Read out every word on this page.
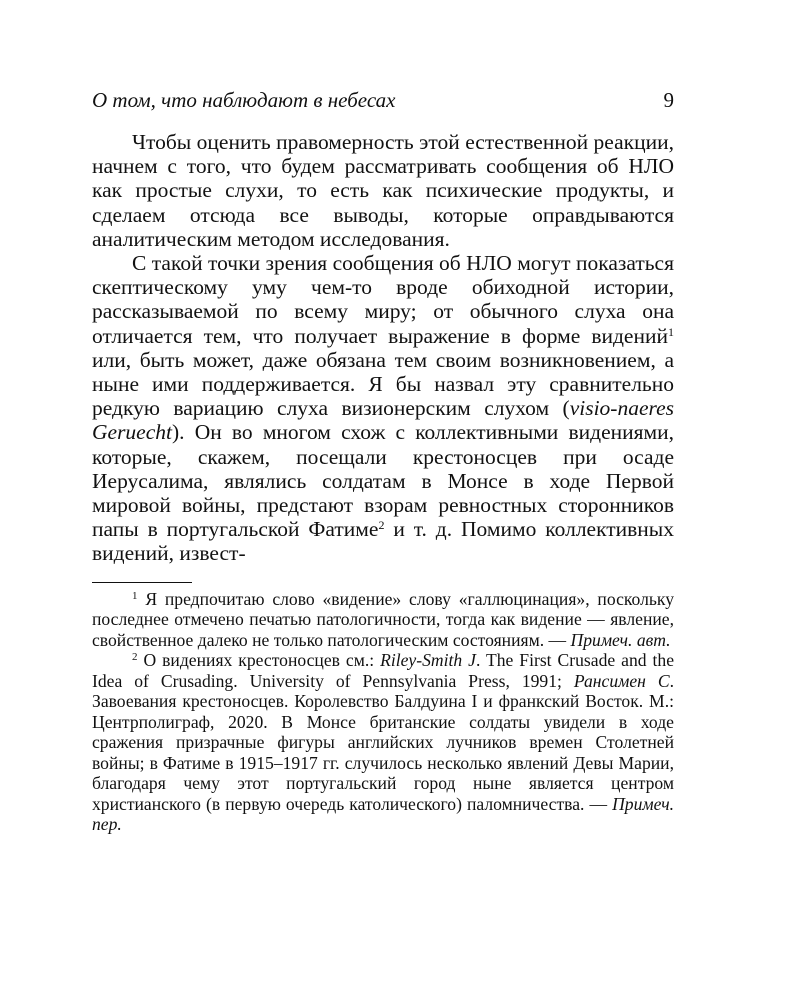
О том, что наблюдают в небесах	9

Чтобы оценить правомерность этой естественной реакции, начнем с того, что будем рассматривать сообщения об НЛО как простые слухи, то есть как психические продукты, и сделаем отсюда все выводы, которые оправдываются аналитическим методом исследования.

С такой точки зрения сообщения об НЛО могут показаться скептическому уму чем-то вроде обиходной истории, рассказываемой по всему миру; от обычного слуха она отличается тем, что получает выражение в форме видений$^1$ или, быть может, даже обязана тем своим возникновением, а ныне ими поддерживается. Я бы назвал эту сравнительно редкую вариацию слуха визионерским слухом (visio-naeres Geruecht). Он во многом схож с коллективными видениями, которые, скажем, посещали крестоносцев при осаде Иерусалима, являлись солдатам в Монсе в ходе Первой мировой войны, предстают взорам ревностных сторонников папы в португальской Фатиме$^2$ и т. д. Помимо коллективных видений, извест-

$^1$ Я предпочитаю слово «видение» слову «галлюцинация», поскольку последнее отмечено печатью патологичности, тогда как видение — явление, свойственное далеко не только патологическим состояниям. — Примеч. авт.

$^2$ О видениях крестоносцев см.: Riley-Smith J. The First Crusade and the Idea of Crusading. University of Pennsylvania Press, 1991; Рансимен С. Завоевания крестоносцев. Королевство Балдуина I и франкский Восток. М.: Центрполиграф, 2020. В Монсе британские солдаты увидели в ходе сражения призрачные фигуры английских лучников времен Столетней войны; в Фатиме в 1915–1917 гг. случилось несколько явлений Девы Марии, благодаря чему этот португальский город ныне является центром христианского (в первую очередь католического) паломничества. — Примеч. пер.
